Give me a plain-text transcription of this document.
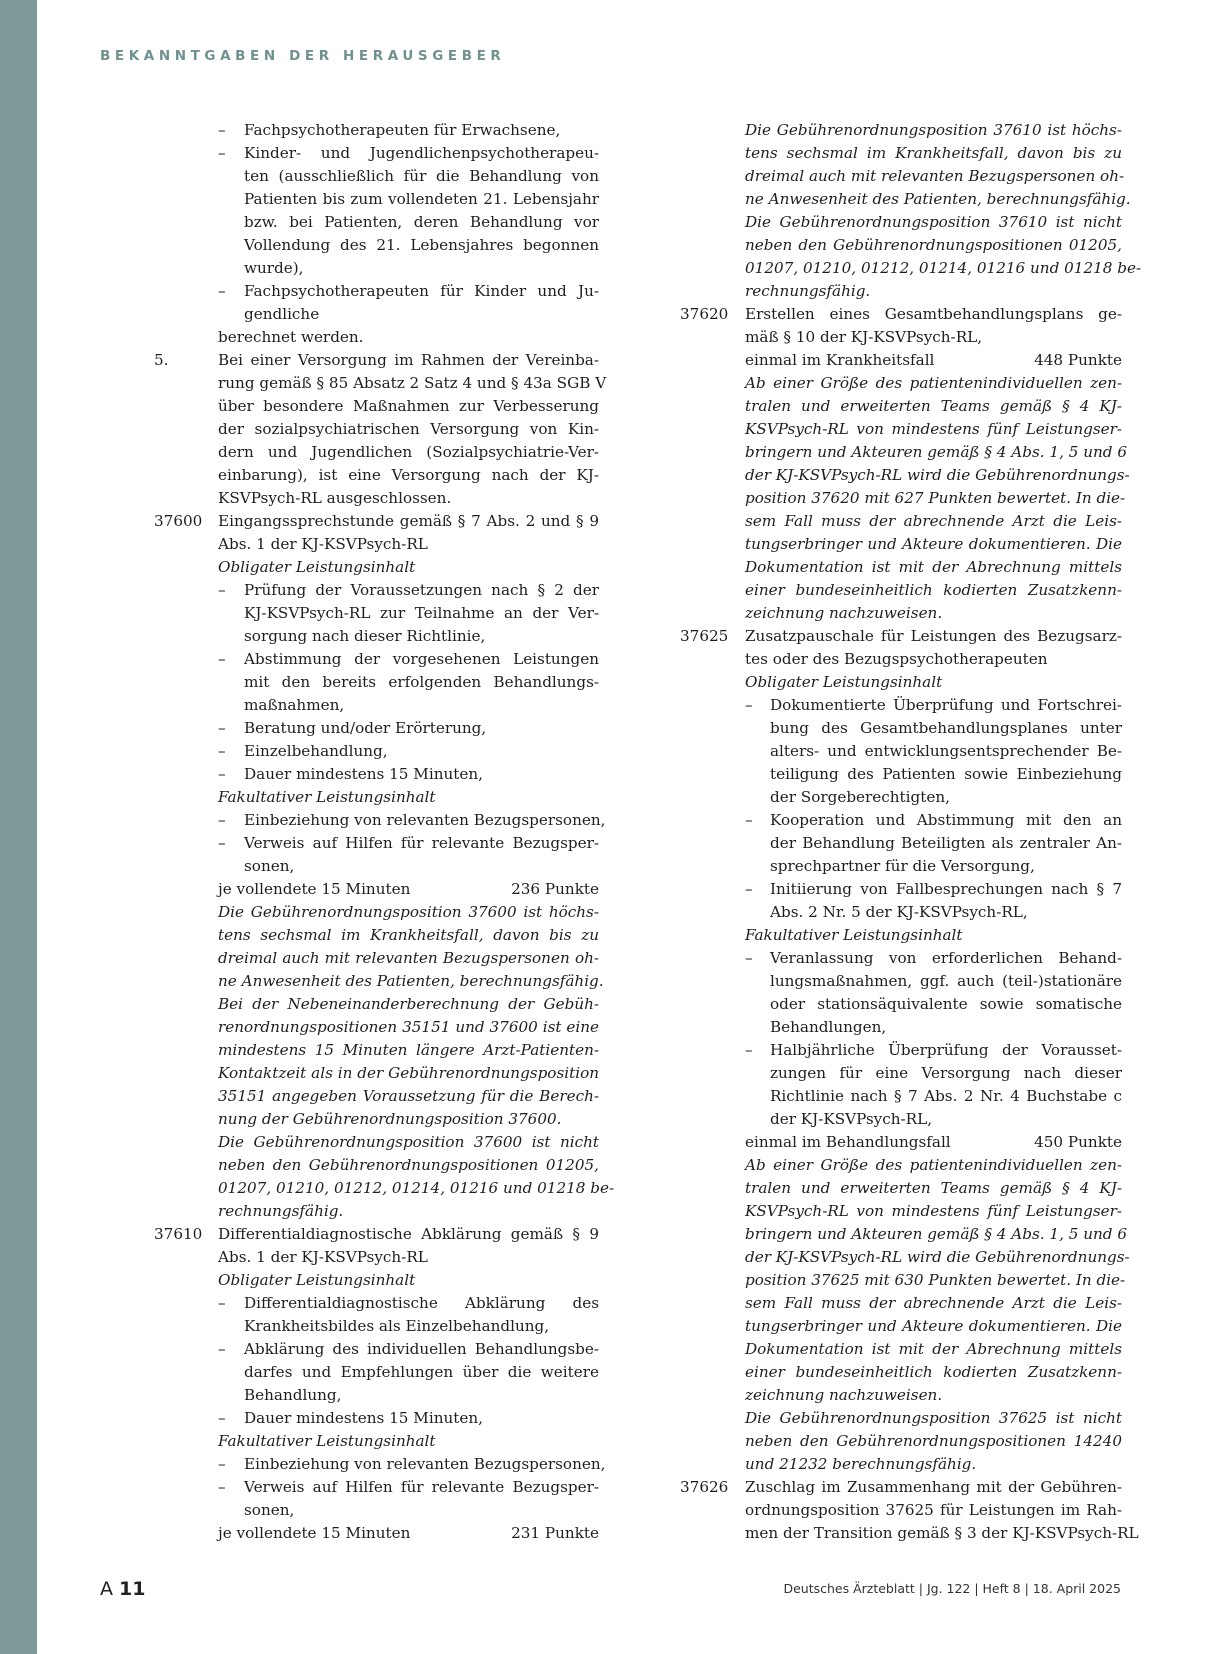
BEKANNTGABEN DER HERAUSGEBER
– Fachpsychotherapeuten für Erwachsene,
– Kinder- und Jugendlichenpsychotherapeu-
ten (ausschließlich für die Behandlung von
Patienten bis zum vollendeten 21. Lebensjahr
bzw. bei Patienten, deren Behandlung vor
Vollendung des 21. Lebensjahres begonnen
wurde),
– Fachpsychotherapeuten für Kinder und Ju-
gendliche
berechnet werden.
5.	Bei einer Versorgung im Rahmen der Vereinba-
rung gemäß § 85 Absatz 2 Satz 4 und § 43a SGB V
über besondere Maßnahmen zur Verbesserung
der sozialpsychiatrischen Versorgung von Kin-
dern und Jugendlichen (Sozialpsychiatrie-Ver-
einbarung), ist eine Versorgung nach der KJ-
KSVPsych-RL ausgeschlossen.
37600 Eingangssprechstunde gemäß § 7 Abs. 2 und § 9
Abs. 1 der KJ-KSVPsych-RL
Obligater Leistungsinhalt
– Prüfung der Voraussetzungen nach § 2 der
KJ-KSVPsych-RL zur Teilnahme an der Ver-
sorgung nach dieser Richtlinie,
– Abstimmung der vorgesehenen Leistungen
mit den bereits erfolgenden Behandlungs-
maßnahmen,
– Beratung und/oder Erörterung,
– Einzelbehandlung,
– Dauer mindestens 15 Minuten,
Fakultativer Leistungsinhalt
– Einbeziehung von relevanten Bezugspersonen,
– Verweis auf Hilfen für relevante Bezugsper-
sonen,
je vollendete 15 Minuten	236 Punkte
Die Gebührenordnungsposition 37600 ist höchs-
tens sechsmal im Krankheitsfall, davon bis zu
dreimal auch mit relevanten Bezugspersonen oh-
ne Anwesenheit des Patienten, berechnungsfähig.
Bei der Nebeneinanderberechnung der Gebüh-
renordnungspositionen 35151 und 37600 ist eine
mindestens 15 Minuten längere Arzt-Patienten-
Kontaktzeit als in der Gebührenordnungsposition
35151 angegeben Voraussetzung für die Berech-
nung der Gebührenordnungsposition 37600.
Die Gebührenordnungsposition 37600 ist nicht
neben den Gebührenordnungspositionen 01205,
01207, 01210, 01212, 01214, 01216 und 01218 be-
rechnungsfähig.
37610 Differentialdiagnostische Abklärung gemäß § 9
Abs. 1 der KJ-KSVPsych-RL
Obligater Leistungsinhalt
– Differentialdiagnostische Abklärung des
Krankheitsbildes als Einzelbehandlung,
– Abklärung des individuellen Behandlungsbe-
darfes und Empfehlungen über die weitere
Behandlung,
– Dauer mindestens 15 Minuten,
Fakultativer Leistungsinhalt
– Einbeziehung von relevanten Bezugspersonen,
– Verweis auf Hilfen für relevante Bezugsper-
sonen,
je vollendete 15 Minuten	231 Punkte
Die Gebührenordnungsposition 37610 ist höchs-
tens sechsmal im Krankheitsfall, davon bis zu
dreimal auch mit relevanten Bezugspersonen oh-
ne Anwesenheit des Patienten, berechnungsfähig.
Die Gebührenordnungsposition 37610 ist nicht
neben den Gebührenordnungspositionen 01205,
01207, 01210, 01212, 01214, 01216 und 01218 be-
rechnungsfähig.
37620 Erstellen eines Gesamtbehandlungsplans ge-
mäß § 10 der KJ-KSVPsych-RL,
einmal im Krankheitsfall	448 Punkte
Ab einer Größe des patientenindividuellen zen-
tralen und erweiterten Teams gemäß § 4 KJ-
KSVPsych-RL von mindestens fünf Leistungser-
bringern und Akteuren gemäß § 4 Abs. 1, 5 und 6
der KJ-KSVPsych-RL wird die Gebührenordnungs-
position 37620 mit 627 Punkten bewertet. In die-
sem Fall muss der abrechnende Arzt die Leis-
tungserbringer und Akteure dokumentieren. Die
Dokumentation ist mit der Abrechnung mittels
einer bundeseinheitlich kodierten Zusatzkenn-
zeichnung nachzuweisen.
37625 Zusatzpauschale für Leistungen des Bezugsarz-
tes oder des Bezugspsychotherapeuten
Obligater Leistungsinhalt
– Dokumentierte Überprüfung und Fortschrei-
bung des Gesamtbehandlungsplanes unter
alters- und entwicklungsentsprechender Be-
teiligung des Patienten sowie Einbeziehung
der Sorgeberechtigten,
– Kooperation und Abstimmung mit den an
der Behandlung Beteiligten als zentraler An-
sprechpartner für die Versorgung,
– Initiierung von Fallbesprechungen nach § 7
Abs. 2 Nr. 5 der KJ-KSVPsych-RL,
Fakultativer Leistungsinhalt
– Veranlassung von erforderlichen Behand-
lungsmaßnahmen, ggf. auch (teil-)stationäre
oder stationsäquivalente sowie somatische
Behandlungen,
– Halbjährliche Überprüfung der Vorausset-
zungen für eine Versorgung nach dieser
Richtlinie nach § 7 Abs. 2 Nr. 4 Buchstabe c
der KJ-KSVPsych-RL,
einmal im Behandlungsfall	450 Punkte
Ab einer Größe des patientenindividuellen zen-
tralen und erweiterten Teams gemäß § 4 KJ-
KSVPsych-RL von mindestens fünf Leistungser-
bringern und Akteuren gemäß § 4 Abs. 1, 5 und 6
der KJ-KSVPsych-RL wird die Gebührenordnungs-
position 37625 mit 630 Punkten bewertet. In die-
sem Fall muss der abrechnende Arzt die Leis-
tungserbringer und Akteure dokumentieren. Die
Dokumentation ist mit der Abrechnung mittels
einer bundeseinheitlich kodierten Zusatzkenn-
zeichnung nachzuweisen.
Die Gebührenordnungsposition 37625 ist nicht
neben den Gebührenordnungspositionen 14240
und 21232 berechnungsfähig.
37626 Zuschlag im Zusammenhang mit der Gebühren-
ordnungsposition 37625 für Leistungen im Rah-
men der Transition gemäß § 3 der KJ-KSVPsych-RL
A 11	Deutsches Ärzteblatt | Jg. 122 | Heft 8 | 18. April 2025
